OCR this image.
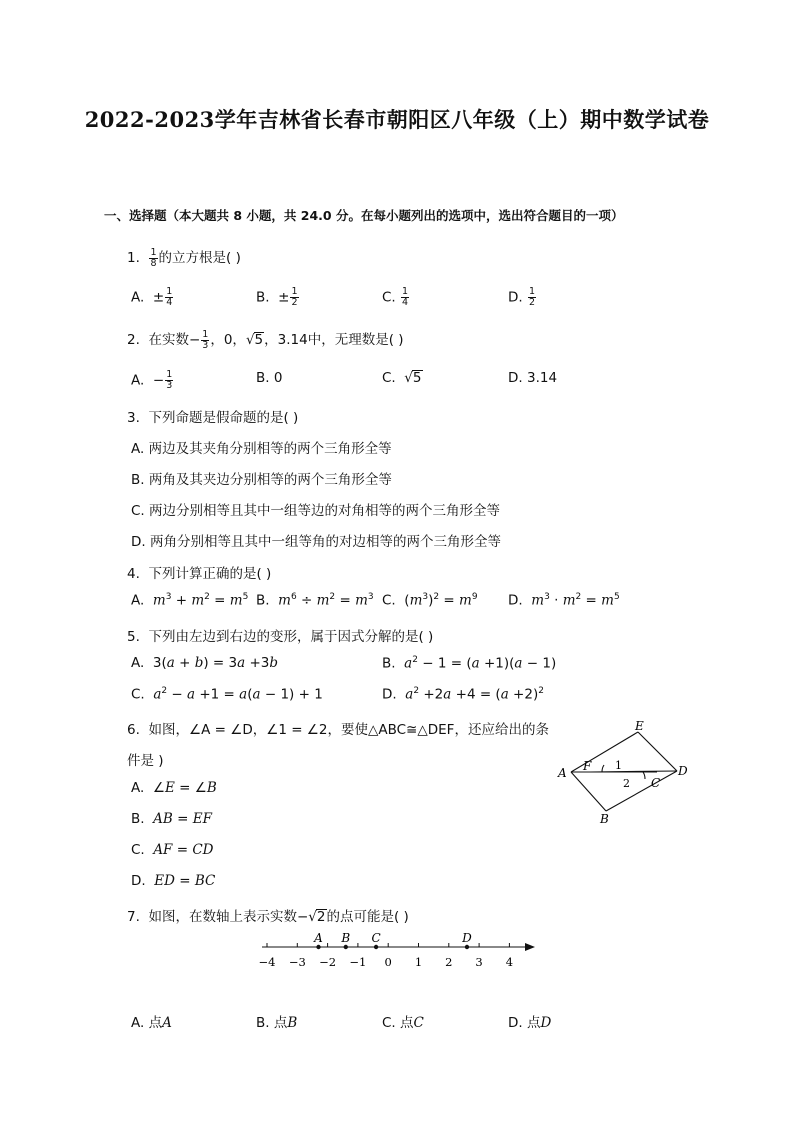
2022-2023学年吉林省长春市朝阳区八年级（上）期中数学试卷
一、选择题（本大题共 8 小题，共 24.0 分。在每小题列出的选项中，选出符合题目的一项）
1. $\frac{1}{8}$ 的立方根是( )
A. ± $\frac{1}{4}$	B. ± $\frac{1}{2}$	C. $\frac{1}{4}$	D. $\frac{1}{2}$
2. 在实数− $\frac{1}{3}$ ，0，√5，3.14中，无理数是( )
A. − $\frac{1}{3}$	B. 0	C.  √5	D. 3.14
3. 下列命题是假命题的是( )
A. 两边及其夹角分别相等的两个三角形全等
B. 两角及其夹边分别相等的两个三角形全等
C. 两边分别相等且其中一组等边的对角相等的两个三角形全等
D. 两角分别相等且其中一组等角的对边相等的两个三角形全等
4. 下列计算正确的是( )
A. $m^3 + m^2 = m^5$ B. $m^6 \div m^2 = m^3$ C.  $(m^3)^2 = m^9$ D. $m^3 \cdot m^2 = m^5$
5. 下列由左边到右边的变形，属于因式分解的是( )
A.  3(a + b) = 3a +3b	B. $a^2 - 1 = (a +1)(a - 1)$
C. $a^2 - a +1 = a(a - 1) + 1$	D. $a^2 +2a +4 = (a +2)^2$
6. 如图，∠A = ∠D，∠1 = ∠2，要使△ABC≅△DEF，还应给出的条
件是 )
A.  ∠E = ∠B
B. AB = EF
C. AF = CD
D. ED = BC
E
A F 1	D
2 C
B
7. 如图，在数轴上表示实数−√2的点可能是( )
−4 −3 −2 −1 0 1 2 3 4
A B C	D
A. 点A	B. 点B	C. 点C	D. 点D
